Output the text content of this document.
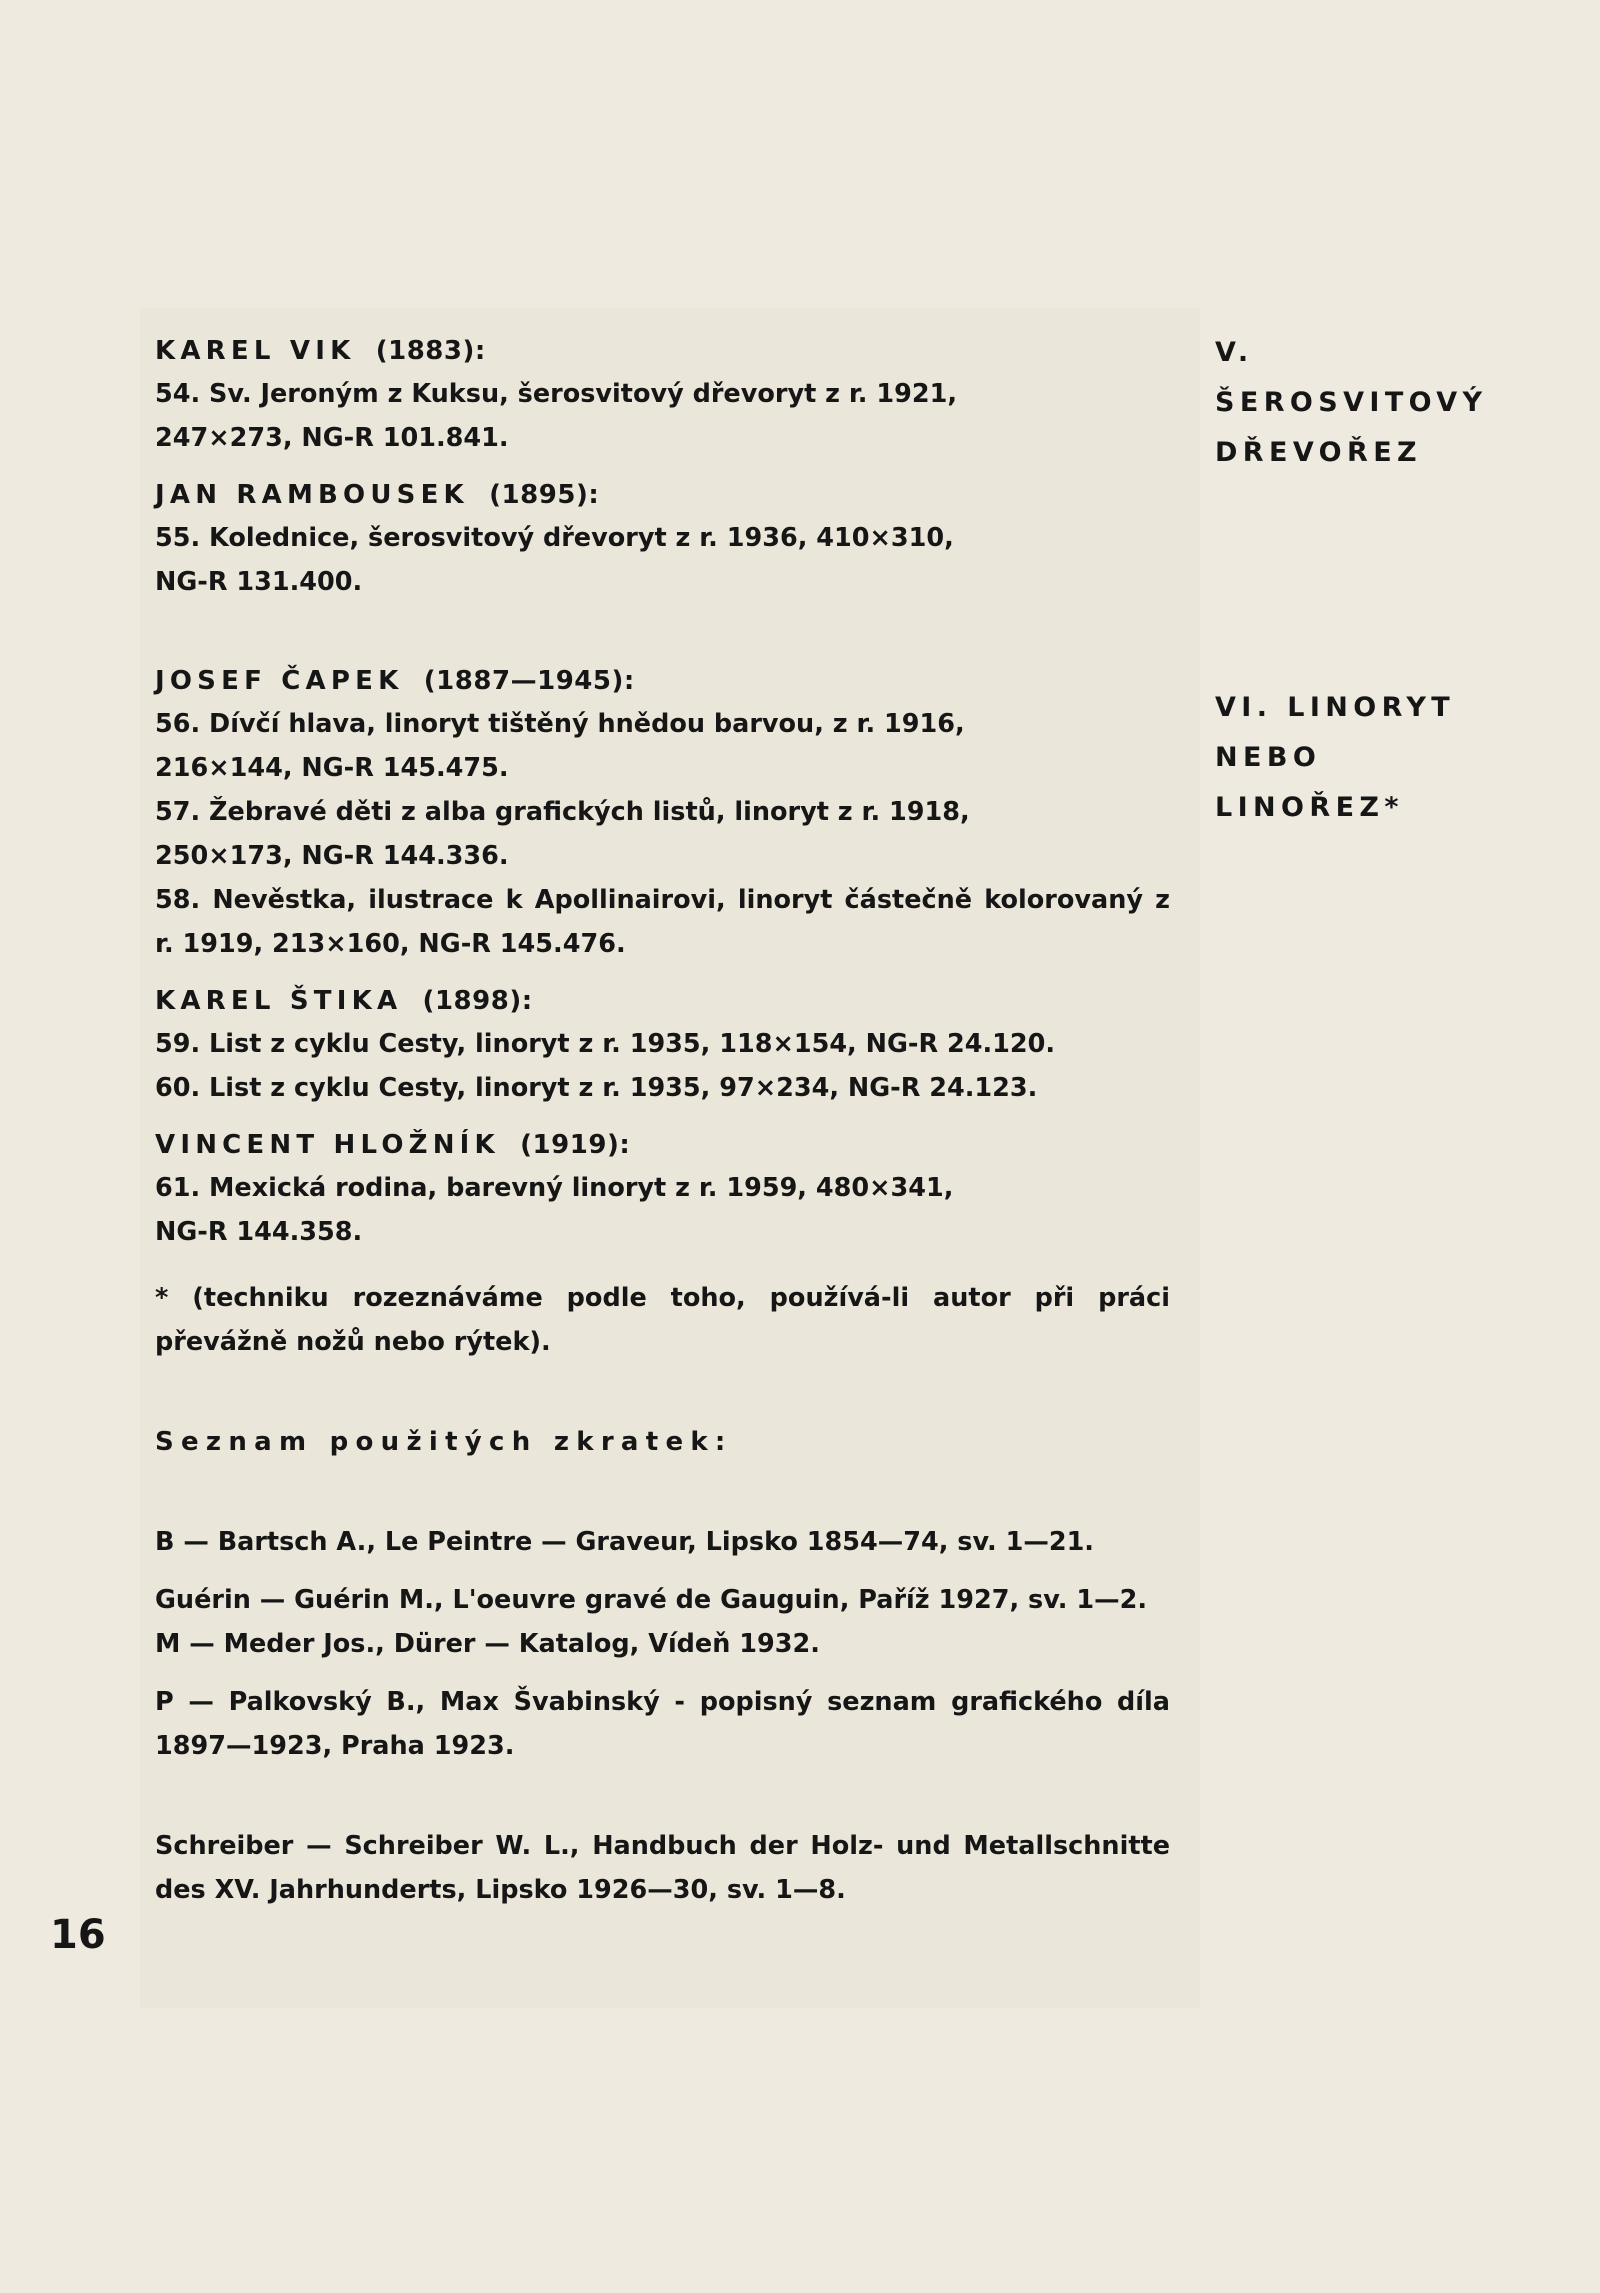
KAREL VIK (1883):

54. Sv. Jeroným z Kuksu, šerosvitový dřevoryt z r. 1921,

247×273, NG-R 101.841.

JAN RAMBOUSEK (1895):

55. Kolednice, šerosvitový dřevoryt z r. 1936, 410×310,

NG-R 131.400.

JOSEF ČAPEK (1887—1945):

56. Dívčí hlava, linoryt tištěný hnědou barvou, z r. 1916,

216×144, NG-R 145.475.

57. Žebravé děti z alba grafických listů, linoryt z r. 1918,

250×173, NG-R 144.336.

58. Nevěstka, ilustrace k Apollinairovi, linoryt částečně kolorovaný z r. 1919, 213×160, NG-R 145.476.

KAREL ŠTIKA (1898):

59. List z cyklu Cesty, linoryt z r. 1935, 118×154, NG-R 24.120.

60. List z cyklu Cesty, linoryt z r. 1935, 97×234, NG-R 24.123.

VINCENT HLOŽNÍK (1919):

61. Mexická rodina, barevný linoryt z r. 1959, 480×341,

NG-R 144.358.

* (techniku rozeznáváme podle toho, používá-li autor při práci převážně nožů nebo rýtek).

Seznam použitých zkratek:

B — Bartsch A., Le Peintre — Graveur, Lipsko 1854—74, sv. 1—21.

Guérin — Guérin M., L'oeuvre gravé de Gauguin, Paříž 1927, sv. 1—2.

M — Meder Jos., Dürer — Katalog, Vídeň 1932.

P — Palkovský B., Max Švabinský - popisný seznam grafického díla 1897—1923, Praha 1923.

Schreiber — Schreiber W. L., Handbuch der Holz- und Metallschnitte des XV. Jahrhunderts, Lipsko 1926—30, sv. 1—8.

V.
ŠEROSVITOVÝ
DŘEVOŘEZ
VI. LINORYT
NEBO
LINOŘEZ*
16
